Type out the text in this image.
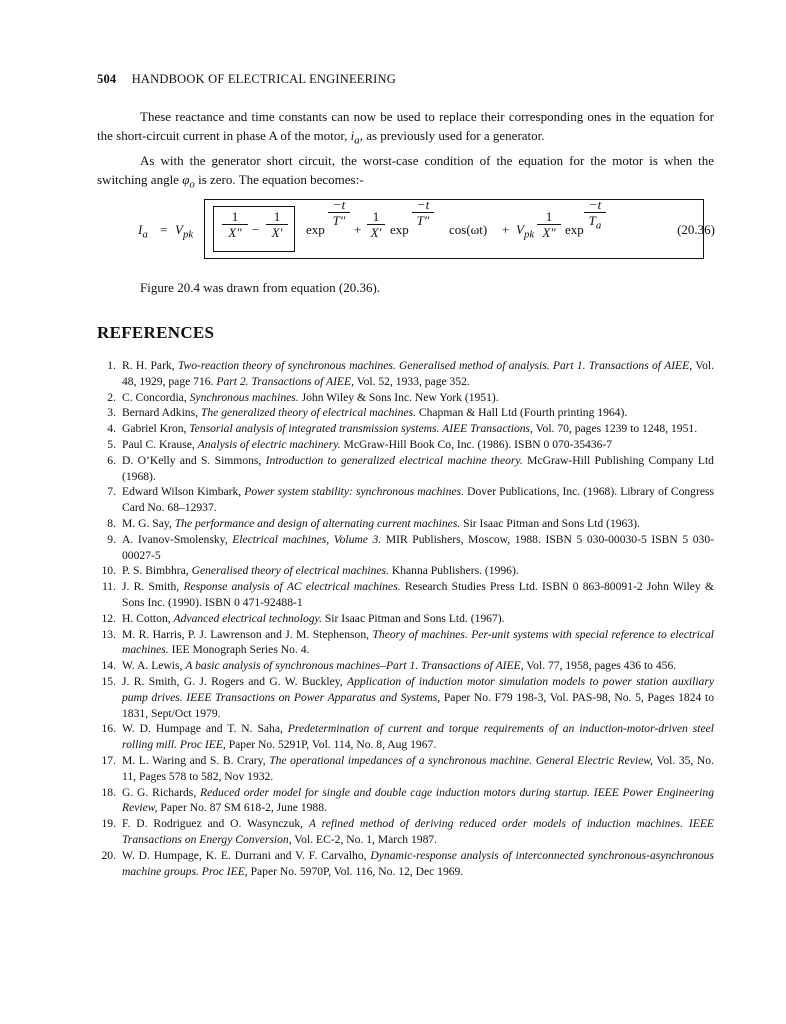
504 HANDBOOK OF ELECTRICAL ENGINEERING
These reactance and time constants can now be used to replace their corresponding ones in the equation for the short-circuit current in phase A of the motor, $i_a$, as previously used for a generator.
As with the generator short circuit, the worst-case condition of the equation for the motor is when the switching angle $\varphi_o$ is zero. The equation becomes:-
$I_a = V_{pk} \frac{1}{X''} - \frac{1}{X'}$ exp
$\frac{-t}{T''}$
+ $\frac{1}{X'}$ exp
$\frac{-t}{T''}$
$\cos(\omega t) + V_{pk} \frac{1}{X''}$ $\exp \frac{-t}{T_a}$	(20.36)
Figure 20.4 was drawn from equation (20.36).
REFERENCES

1. R. H. Park, Two-reaction theory of synchronous machines. Generalised method of analysis. Part 1. Transactions of AIEE, Vol. 48, 1929, page 716. Part 2. Transactions of AIEE, Vol. 52, 1933, page 352.

2. C. Concordia, Synchronous machines. John Wiley & Sons Inc. New York (1951).

3. Bernard Adkins, The generalized theory of electrical machines. Chapman & Hall Ltd (Fourth printing 1964).

4. Gabriel Kron, Tensorial analysis of integrated transmission systems. AIEE Transactions, Vol. 70, pages 1239 to 1248, 1951.

5. Paul C. Krause, Analysis of electric machinery. McGraw-Hill Book Co, Inc. (1986). ISBN 0 070-35436-7

6. D. O’Kelly and S. Simmons, Introduction to generalized electrical machine theory. McGraw-Hill Publishing Company Ltd (1968).

7. Edward Wilson Kimbark, Power system stability: synchronous machines. Dover Publications, Inc. (1968). Library of Congress Card No. 68–12937.

8. M. G. Say, The performance and design of alternating current machines. Sir Isaac Pitman and Sons Ltd (1963).

9. A. Ivanov-Smolensky, Electrical machines, Volume 3. MIR Publishers, Moscow, 1988. ISBN 5 030-00030-5 ISBN 5 030-00027-5

10. P. S. Bimbhra, Generalised theory of electrical machines. Khanna Publishers. (1996).

11. J. R. Smith, Response analysis of AC electrical machines. Research Studies Press Ltd. ISBN 0 863-80091-2 John Wiley & Sons Inc. (1990). ISBN 0 471-92488-1

12. H. Cotton, Advanced electrical technology. Sir Isaac Pitman and Sons Ltd. (1967).

13. M. R. Harris, P. J. Lawrenson and J. M. Stephenson, Theory of machines. Per-unit systems with special reference to electrical machines. IEE Monograph Series No. 4.

14. W. A. Lewis, A basic analysis of synchronous machines–Part 1. Transactions of AIEE, Vol. 77, 1958, pages 436 to 456.

15. J. R. Smith, G. J. Rogers and G. W. Buckley, Application of induction motor simulation models to power station auxiliary pump drives. IEEE Transactions on Power Apparatus and Systems, Paper No. F79 198-3, Vol. PAS-98, No. 5, Pages 1824 to 1831, Sept/Oct 1979.

16. W. D. Humpage and T. N. Saha, Predetermination of current and torque requirements of an induction-motor-driven steel rolling mill. Proc IEE, Paper No. 5291P, Vol. 114, No. 8, Aug 1967.

17. M. L. Waring and S. B. Crary, The operational impedances of a synchronous machine. General Electric Review, Vol. 35, No. 11, Pages 578 to 582, Nov 1932.

18. G. G. Richards, Reduced order model for single and double cage induction motors during startup. IEEE Power Engineering Review, Paper No. 87 SM 618-2, June 1988.

19. F. D. Rodriguez and O. Wasynczuk, A refined method of deriving reduced order models of induction machines. IEEE Transactions on Energy Conversion, Vol. EC-2, No. 1, March 1987.

20. W. D. Humpage, K. E. Durrani and V. F. Carvalho, Dynamic-response analysis of interconnected synchronous-asynchronous machine groups. Proc IEE, Paper No. 5970P, Vol. 116, No. 12, Dec 1969.
